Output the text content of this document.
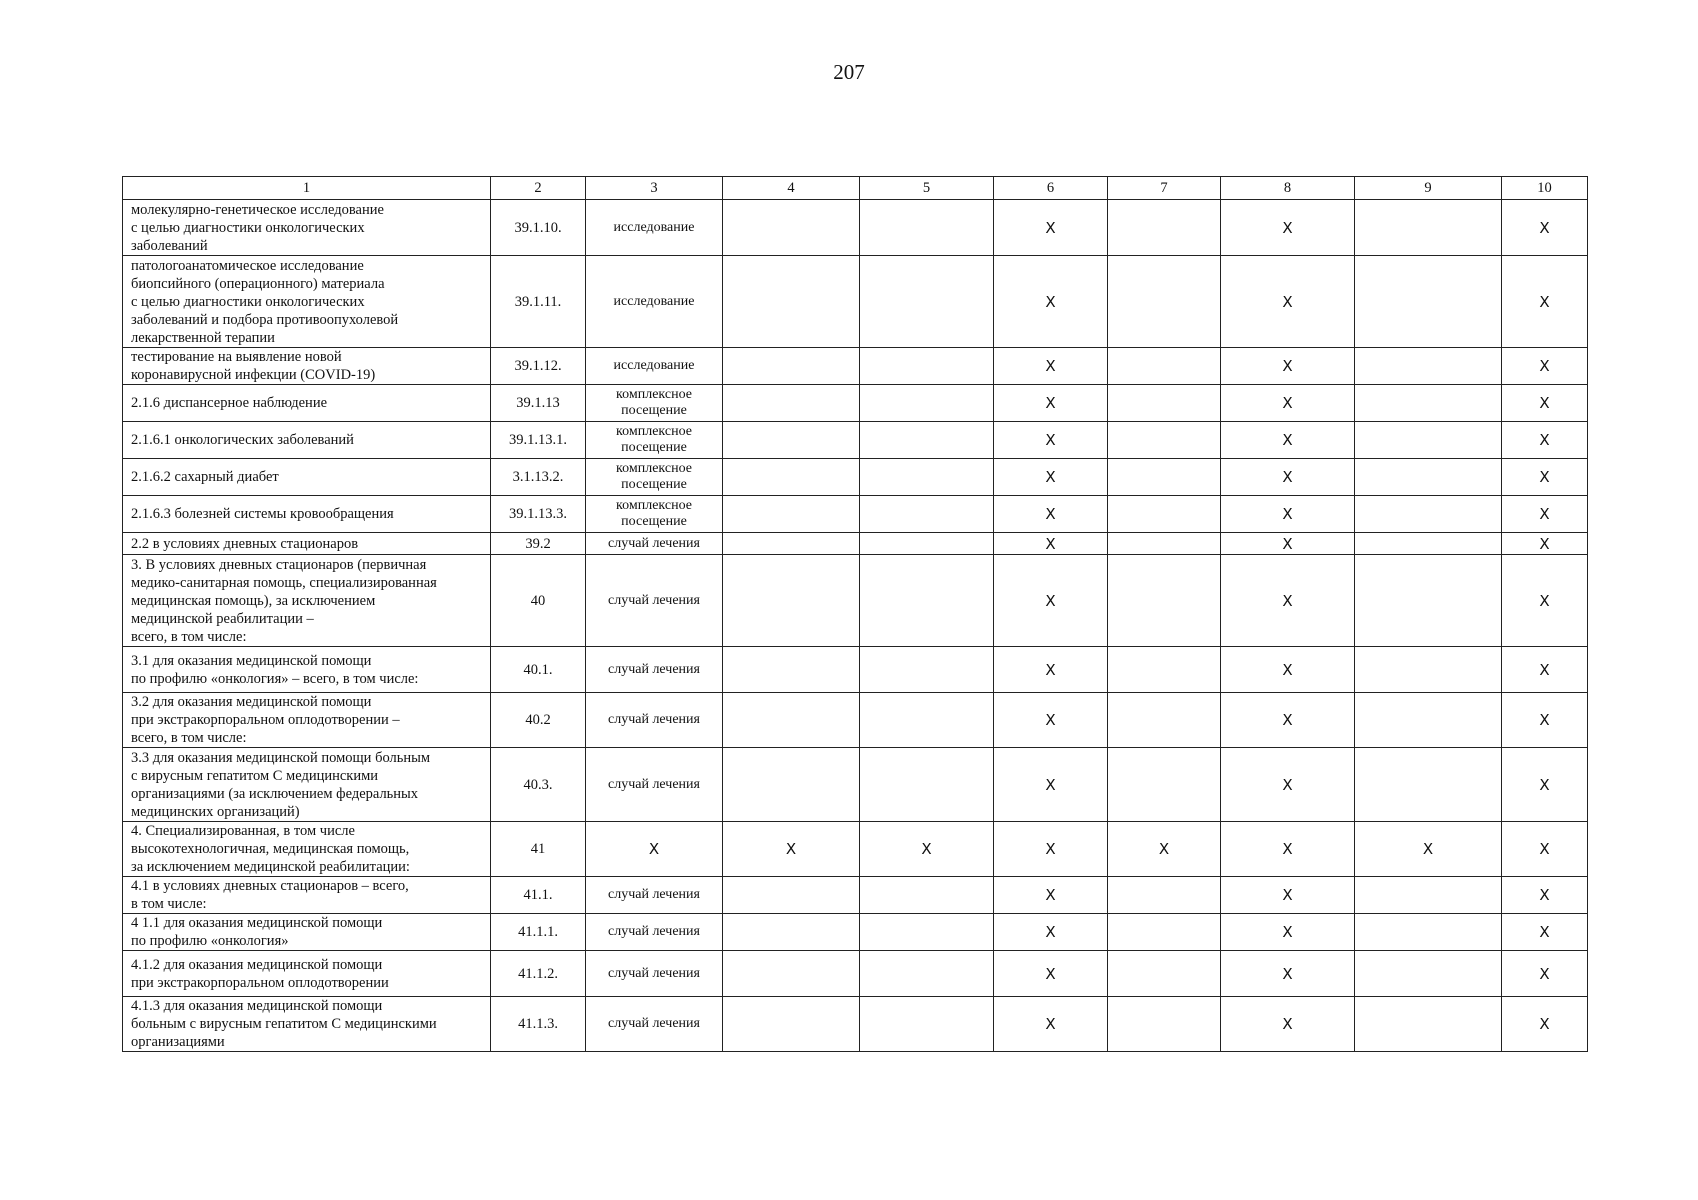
207
1	2	3	4	5	6	7	8	9	10
молекулярно-генетическое исследование
с целью диагностики онкологических
заболеваний	39.1.10.	исследование			X		X		X
патологоанатомическое исследование
биопсийного (операционного) материала
с целью диагностики онкологических
заболеваний и подбора противоопухолевой
лекарственной терапии	39.1.11.	исследование			X		X		X
тестирование на выявление новой
коронавирусной инфекции (COVID-19)	39.1.12.	исследование			X		X		X
2.1.6 диспансерное наблюдение	39.1.13	комплексное
посещение			X		X		X
2.1.6.1 онкологических заболеваний	39.1.13.1.	комплексное
посещение			X		X		X
2.1.6.2 сахарный диабет	3.1.13.2.	комплексное
посещение			X		X		X
2.1.6.3 болезней системы кровообращения	39.1.13.3.	комплексное
посещение			X		X		X
2.2 в условиях дневных стационаров	39.2	случай лечения			X		X		X
3. В условиях дневных стационаров (первичная
медико-санитарная помощь, специализированная
медицинская помощь), за исключением
медицинской реабилитации –
всего, в том числе:	40	случай лечения			X		X		X
3.1 для оказания медицинской помощи
по профилю «онкология» – всего, в том числе:	40.1.	случай лечения			X		X		X
3.2 для оказания медицинской помощи
при экстракорпоральном оплодотворении –
всего, в том числе:	40.2	случай лечения			X		X		X
3.3 для оказания медицинской помощи больным
с вирусным гепатитом С медицинскими
организациями (за исключением федеральных
медицинских организаций)	40.3.	случай лечения			X		X		X
4. Специализированная, в том числе
высокотехнологичная, медицинская помощь,
за исключением медицинской реабилитации:	41	X	X	X	X	X	X	X	X
4.1 в условиях дневных стационаров – всего,
в том числе:	41.1.	случай лечения			X		X		X
4 1.1 для оказания медицинской помощи
по профилю «онкология»	41.1.1.	случай лечения			X		X		X
4.1.2 для оказания медицинской помощи
при экстракорпоральном оплодотворении	41.1.2.	случай лечения			X		X		X
4.1.3 для оказания медицинской помощи
больным с вирусным гепатитом С медицинскими
организациями	41.1.3.	случай лечения			X		X		X
